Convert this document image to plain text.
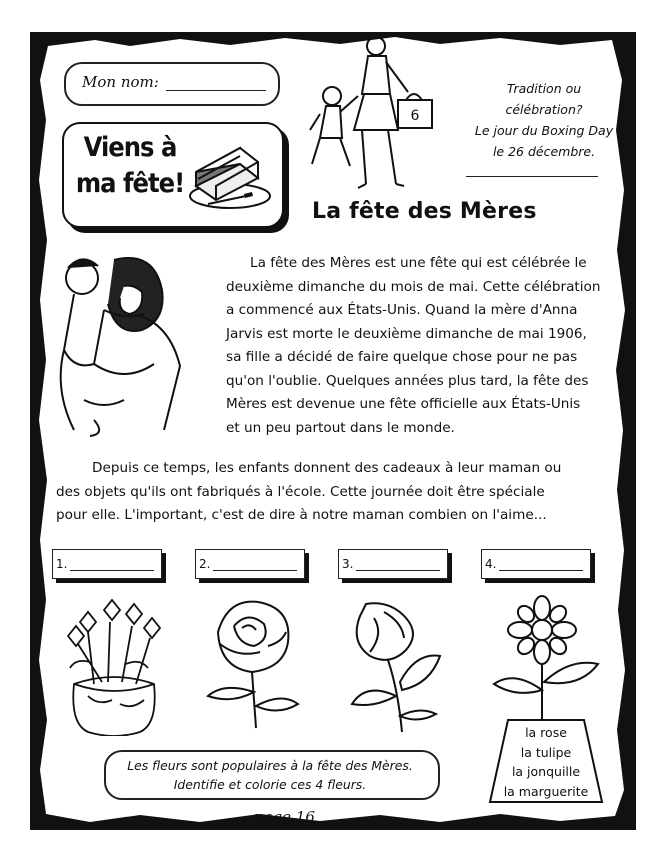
Mon nom:
Viens à
ma fête!
6
Tradition ou
célébration?
Le jour du Boxing Day
le 26 décembre.
La fête des Mères
La fête des Mères est une fête qui est célébrée le
deuxième dimanche du mois de mai. Cette célébration
a commencé aux États-Unis. Quand la mère d'Anna
Jarvis est morte le deuxième dimanche de mai 1906,
sa fille a décidé de faire quelque chose pour ne pas
qu'on l'oublie. Quelques années plus tard, la fête des
Mères est devenue une fête officielle aux États-Unis
et un peu partout dans le monde.
Depuis ce temps, les enfants donnent des cadeaux à leur maman ou
des objets qu'ils ont fabriqués à l'école. Cette journée doit être spéciale
pour elle. L'important, c'est de dire à notre maman combien on l'aime...
1.	2.	3.	4.
la rose
la tulipe
la jonquille
la marguerite
Les fleurs sont populaires à la fête des Mères.
Identifie et colorie ces 4 fleurs.
page 16
